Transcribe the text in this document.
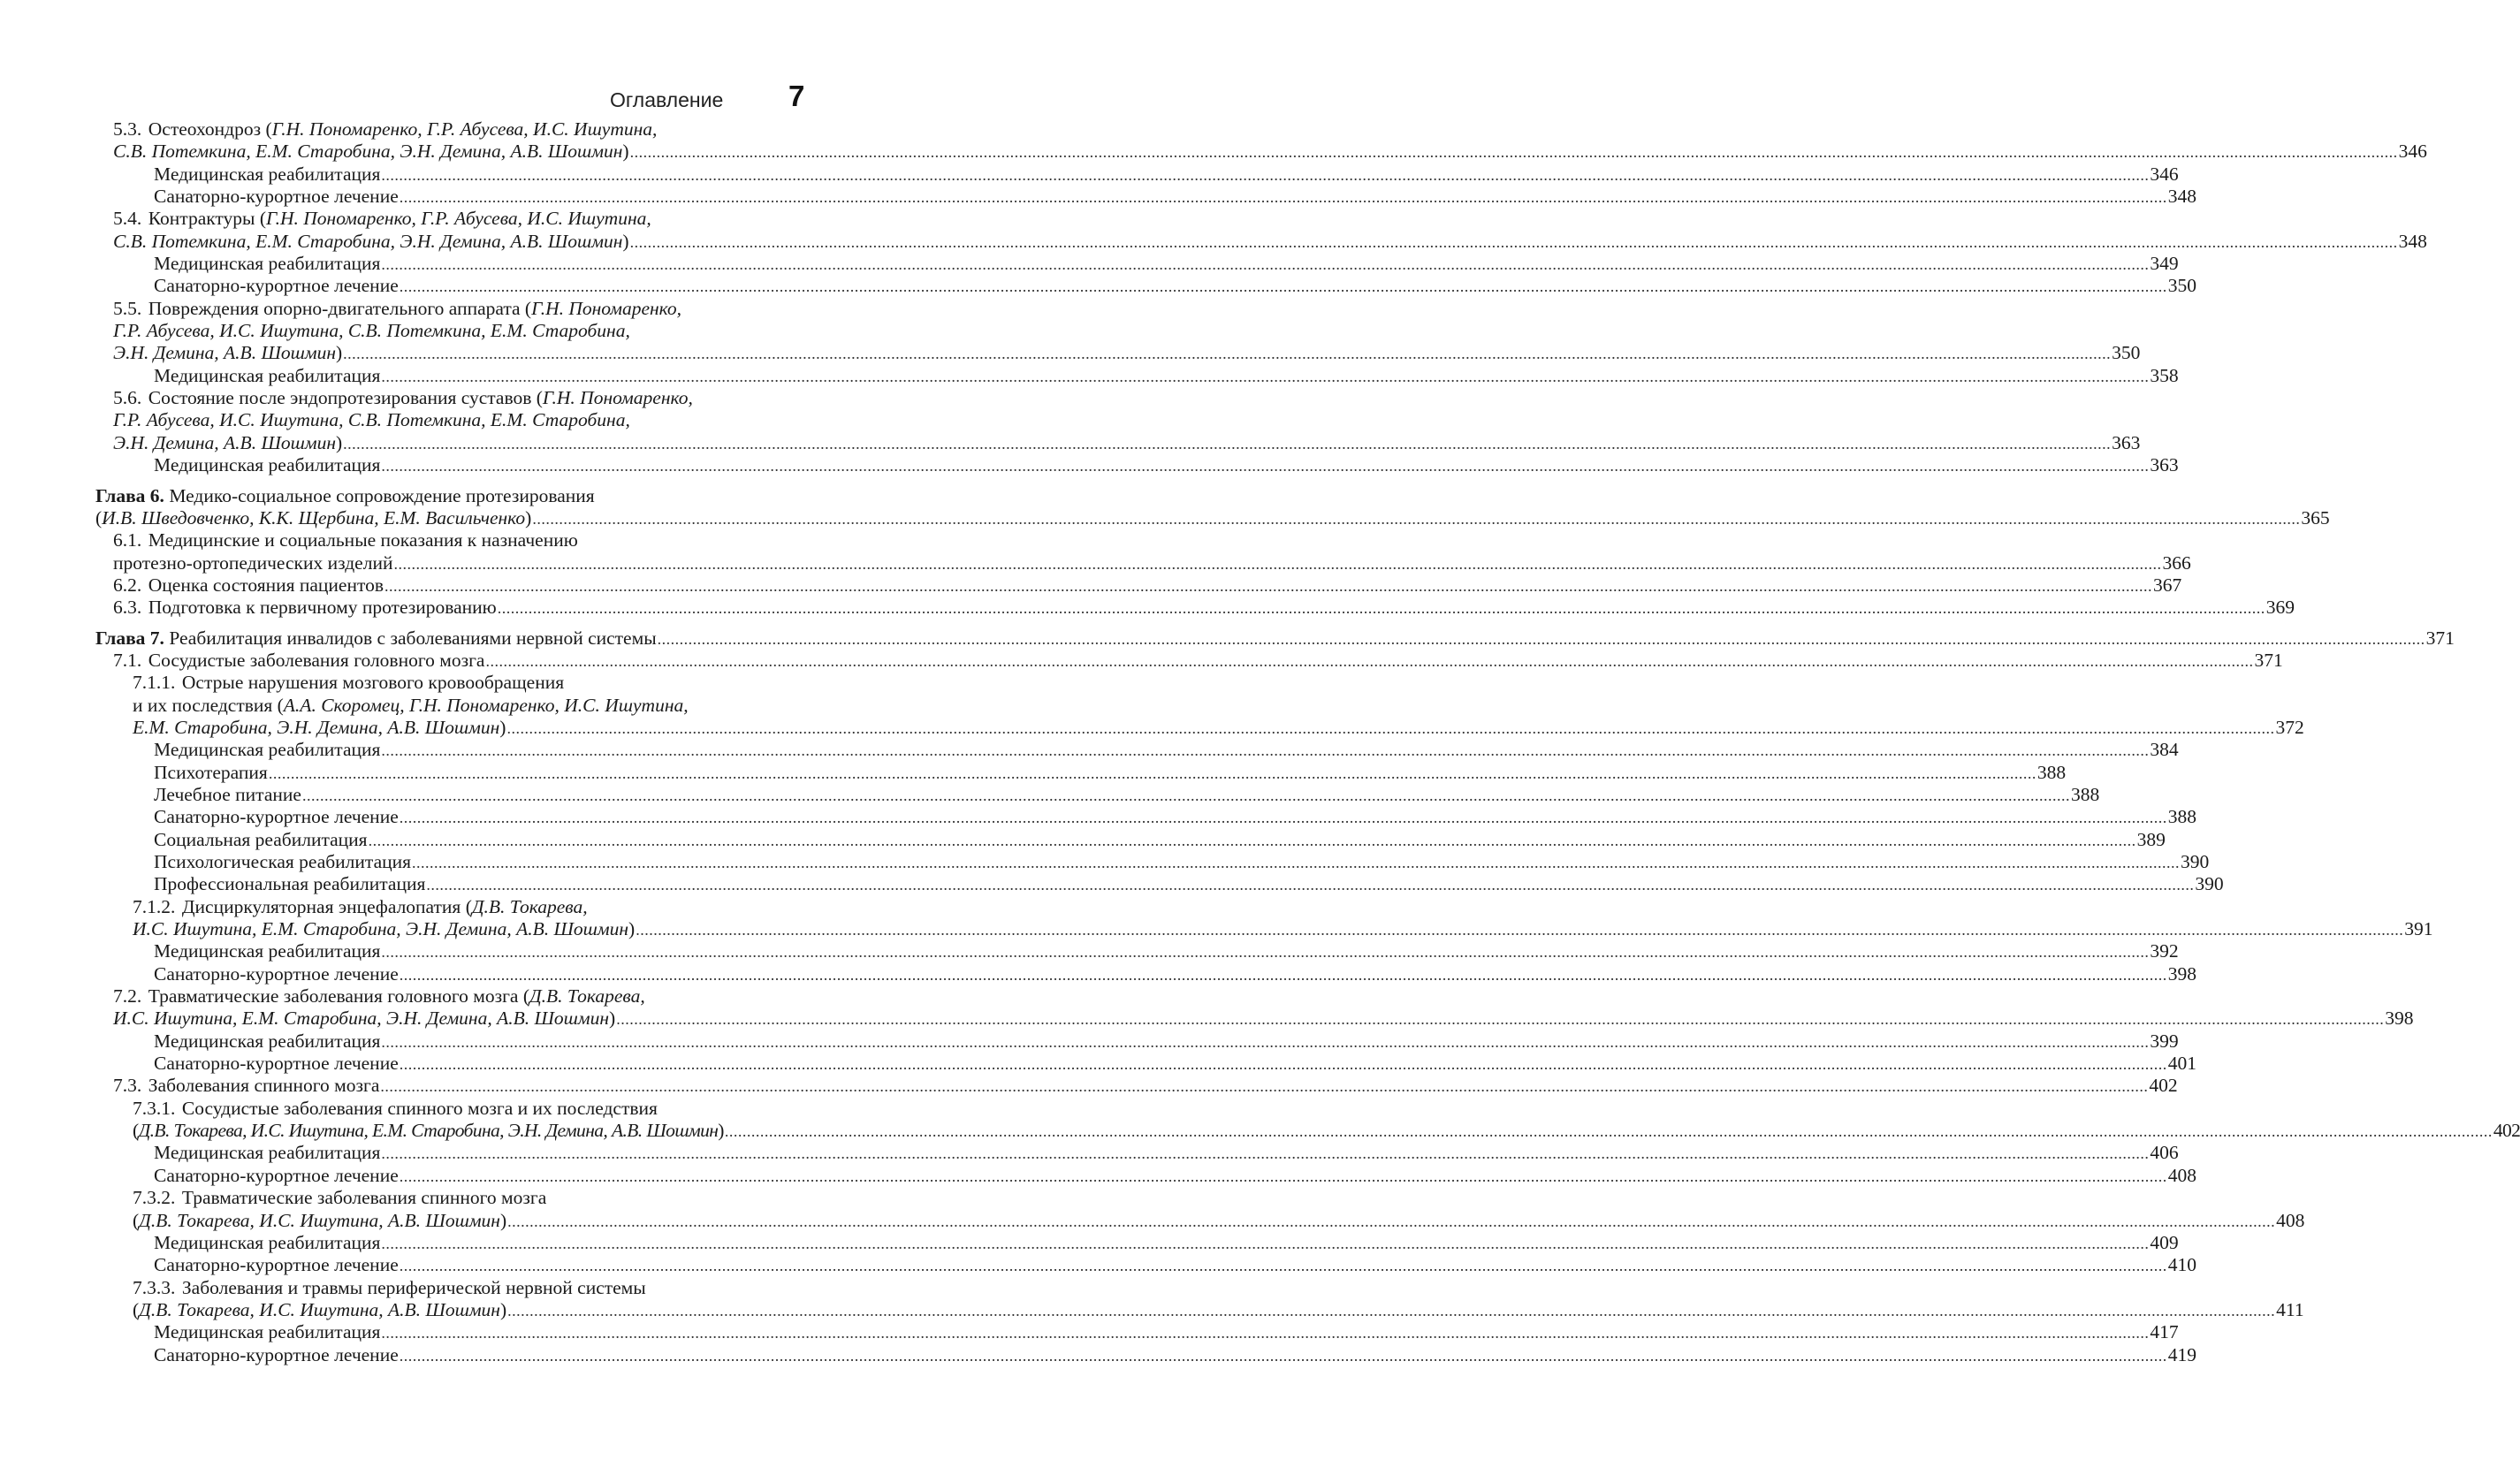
Оглавление 7
5.3. Остеохондроз (Г.Н. Пономаренко, Г.Р. Абусева, И.С. Ишутина,
С.В. Потемкина, Е.М. Старобина, Э.Н. Демина, А.В. Шошмин) ................................................................................................................................................................................................................................................................................................................................................................................................................ 346
Медицинская реабилитация ................................................................................................................................................................................................................................................................................................................................................................................................................ 346
Санаторно-курортное лечение ................................................................................................................................................................................................................................................................................................................................................................................................................ 348
5.4. Контрактуры (Г.Н. Пономаренко, Г.Р. Абусева, И.С. Ишутина,
С.В. Потемкина, Е.М. Старобина, Э.Н. Демина, А.В. Шошмин) ................................................................................................................................................................................................................................................................................................................................................................................................................ 348
Медицинская реабилитация ................................................................................................................................................................................................................................................................................................................................................................................................................ 349
Санаторно-курортное лечение ................................................................................................................................................................................................................................................................................................................................................................................................................ 350
5.5. Повреждения опорно-двигательного аппарата (Г.Н. Пономаренко,
Г.Р. Абусева, И.С. Ишутина, С.В. Потемкина, Е.М. Старобина,
Э.Н. Демина, А.В. Шошмин) ................................................................................................................................................................................................................................................................................................................................................................................................................ 350
Медицинская реабилитация ................................................................................................................................................................................................................................................................................................................................................................................................................ 358
5.6. Состояние после эндопротезирования суставов (Г.Н. Пономаренко,
Г.Р. Абусева, И.С. Ишутина, С.В. Потемкина, Е.М. Старобина,
Э.Н. Демина, А.В. Шошмин) ................................................................................................................................................................................................................................................................................................................................................................................................................ 363
Медицинская реабилитация ................................................................................................................................................................................................................................................................................................................................................................................................................ 363
Глава 6. Медико-социальное сопровождение протезирования
(И.В. Шведовченко, К.К. Щербина, Е.М. Васильченко) ................................................................................................................................................................................................................................................................................................................................................................................................................ 365
6.1. Медицинские и социальные показания к назначению
протезно-ортопедических изделий ................................................................................................................................................................................................................................................................................................................................................................................................................ 366
6.2. Оценка состояния пациентов ................................................................................................................................................................................................................................................................................................................................................................................................................ 367
6.3. Подготовка к первичному протезированию ................................................................................................................................................................................................................................................................................................................................................................................................................ 369
Глава 7. Реабилитация инвалидов с заболеваниями нервной системы ................................................................................................................................................................................................................................................................................................................................................................................................................ 371
7.1. Сосудистые заболевания головного мозга ................................................................................................................................................................................................................................................................................................................................................................................................................ 371
7.1.1. Острые нарушения мозгового кровообращения
и их последствия (А.А. Скоромец, Г.Н. Пономаренко, И.С. Ишутина,
Е.М. Старобина, Э.Н. Демина, А.В. Шошмин) ................................................................................................................................................................................................................................................................................................................................................................................................................ 372
Медицинская реабилитация ................................................................................................................................................................................................................................................................................................................................................................................................................ 384
Психотерапия ................................................................................................................................................................................................................................................................................................................................................................................................................ 388
Лечебное питание ................................................................................................................................................................................................................................................................................................................................................................................................................ 388
Санаторно-курортное лечение ................................................................................................................................................................................................................................................................................................................................................................................................................ 388
Социальная реабилитация ................................................................................................................................................................................................................................................................................................................................................................................................................ 389
Психологическая реабилитация ................................................................................................................................................................................................................................................................................................................................................................................................................ 390
Профессиональная реабилитация ................................................................................................................................................................................................................................................................................................................................................................................................................ 390
7.1.2. Дисциркуляторная энцефалопатия (Д.В. Токарева,
И.С. Ишутина, Е.М. Старобина, Э.Н. Демина, А.В. Шошмин) ................................................................................................................................................................................................................................................................................................................................................................................................................ 391
Медицинская реабилитация ................................................................................................................................................................................................................................................................................................................................................................................................................ 392
Санаторно-курортное лечение ................................................................................................................................................................................................................................................................................................................................................................................................................ 398
7.2. Травматические заболевания головного мозга (Д.В. Токарева,
И.С. Ишутина, Е.М. Старобина, Э.Н. Демина, А.В. Шошмин) ................................................................................................................................................................................................................................................................................................................................................................................................................ 398
Медицинская реабилитация ................................................................................................................................................................................................................................................................................................................................................................................................................ 399
Санаторно-курортное лечение ................................................................................................................................................................................................................................................................................................................................................................................................................ 401
7.3. Заболевания спинного мозга ................................................................................................................................................................................................................................................................................................................................................................................................................ 402
7.3.1. Сосудистые заболевания спинного мозга и их последствия
(Д.В. Токарева, И.С. Ишутина, Е.М. Старобина, Э.Н. Демина, А.В. Шошмин) ................................................................................................................................................................................................................................................................................................................................................................................................................ 402
Медицинская реабилитация ................................................................................................................................................................................................................................................................................................................................................................................................................ 406
Санаторно-курортное лечение ................................................................................................................................................................................................................................................................................................................................................................................................................ 408
7.3.2. Травматические заболевания спинного мозга
(Д.В. Токарева, И.С. Ишутина, А.В. Шошмин) ................................................................................................................................................................................................................................................................................................................................................................................................................ 408
Медицинская реабилитация ................................................................................................................................................................................................................................................................................................................................................................................................................ 409
Санаторно-курортное лечение ................................................................................................................................................................................................................................................................................................................................................................................................................ 410
7.3.3. Заболевания и травмы периферической нервной системы
(Д.В. Токарева, И.С. Ишутина, А.В. Шошмин) ................................................................................................................................................................................................................................................................................................................................................................................................................ 411
Медицинская реабилитация ................................................................................................................................................................................................................................................................................................................................................................................................................ 417
Санаторно-курортное лечение ................................................................................................................................................................................................................................................................................................................................................................................................................ 419
